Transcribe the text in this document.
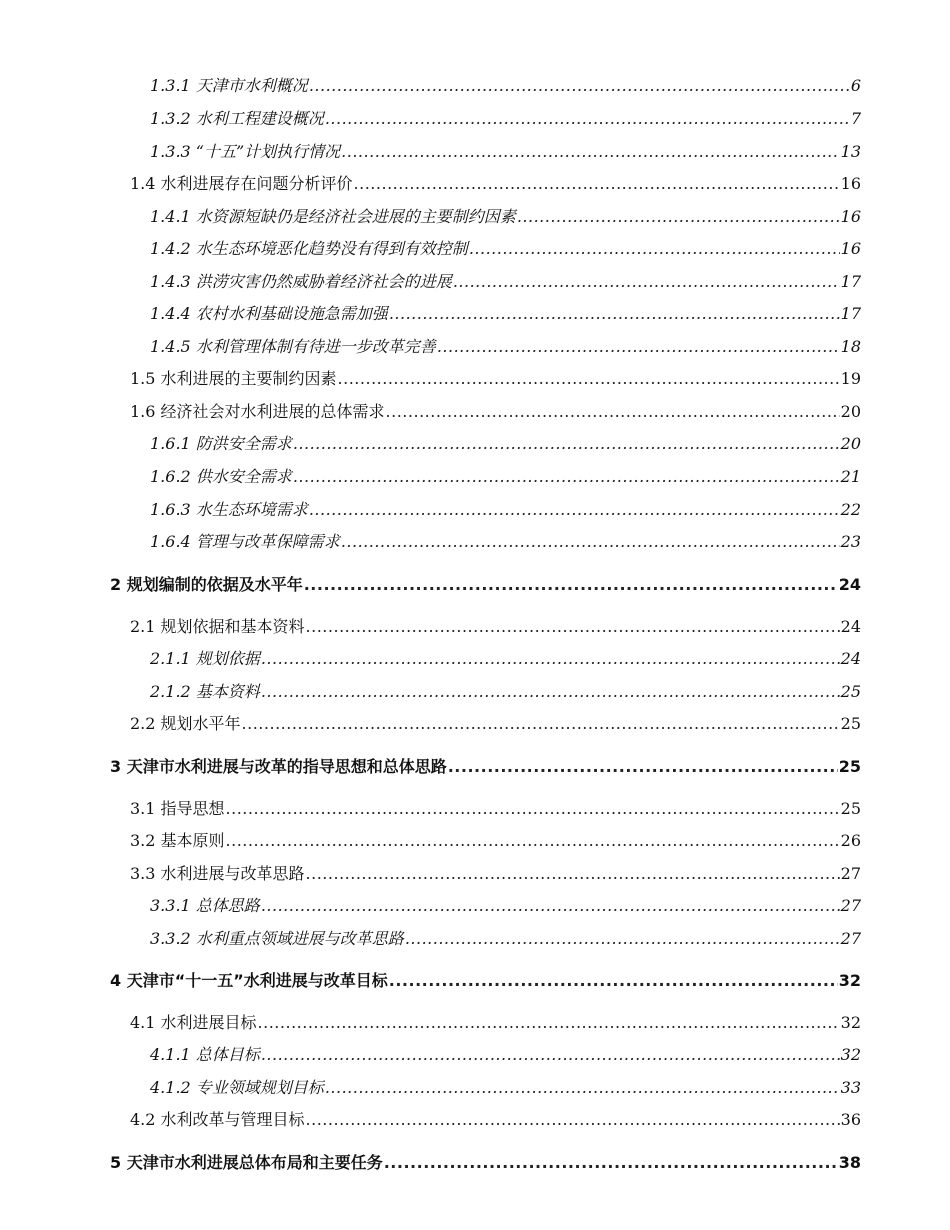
1.3.1 天津市水利概况 .....	6
1.3.2 水利工程建设概况 .....	7
1.3.3 “十五”计划执行情况 .....	13
1.4 水利进展存在问题分析评价 .....	16
1.4.1 水资源短缺仍是经济社会进展的主要制约因素 .....	16
1.4.2 水生态环境恶化趋势没有得到有效控制 .....	16
1.4.3 洪涝灾害仍然威胁着经济社会的进展 .....	17
1.4.4 农村水利基础设施急需加强 .....	17
1.4.5 水利管理体制有待进一步改革完善 .....	18
1.5 水利进展的主要制约因素 .....	19
1.6 经济社会对水利进展的总体需求 .....	20
1.6.1 防洪安全需求 .....	20
1.6.2 供水安全需求 .....	21
1.6.3 水生态环境需求 .....	22
1.6.4 管理与改革保障需求 .....	23
2 规划编制的依据及水平年 .....	24
2.1 规划依据和基本资料 .....	24
2.1.1 规划依据 .....	24
2.1.2 基本资料 .....	25
2.2 规划水平年 .....	25
3 天津市水利进展与改革的指导思想和总体思路 .....	25
3.1 指导思想 .....	25
3.2 基本原则 .....	26
3.3 水利进展与改革思路 .....	27
3.3.1 总体思路 .....	27
3.3.2 水利重点领域进展与改革思路 .....	27
4 天津市“十一五”水利进展与改革目标 .....	32
4.1 水利进展目标 .....	32
4.1.1 总体目标 .....	32
4.1.2 专业领域规划目标 .....	33
4.2 水利改革与管理目标 .....	36
5 天津市水利进展总体布局和主要任务 .....	38
